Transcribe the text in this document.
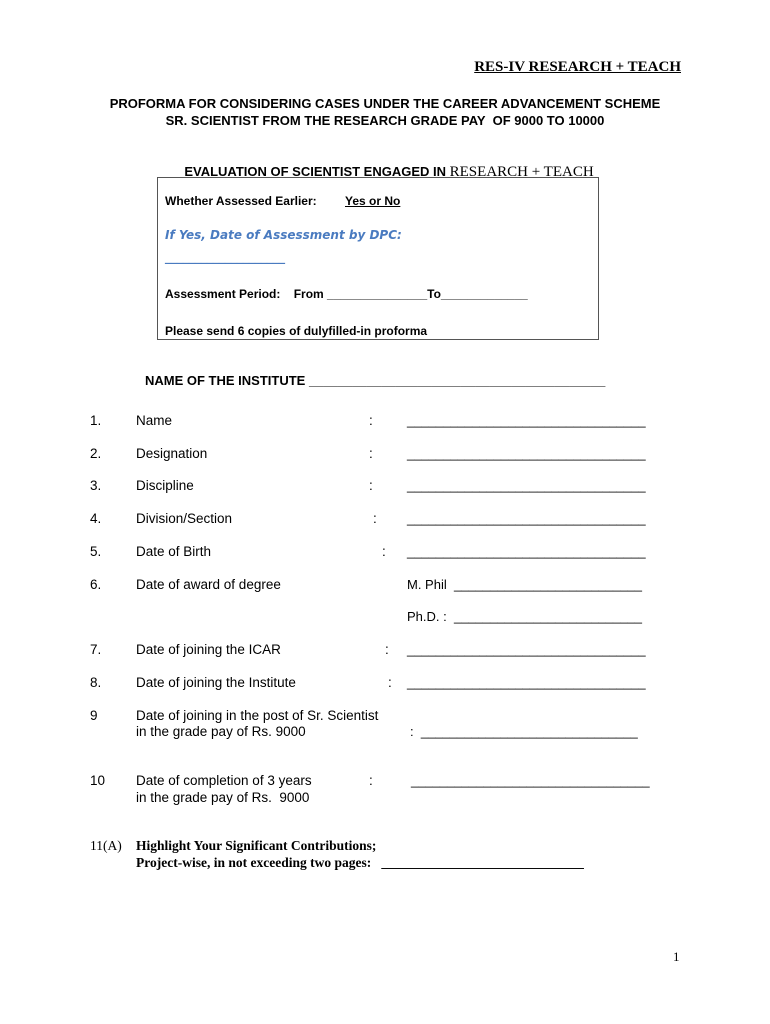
RES-IV RESEARCH + TEACH
PROFORMA FOR CONSIDERING CASES UNDER THE CAREER ADVANCEMENT SCHEME
SR. SCIENTIST FROM THE RESEARCH GRADE PAY  OF 9000 TO 10000

EVALUATION OF SCIENTIST ENGAGED IN RESEARCH + TEACH

Whether Assessed Earlier: Yes or No
If Yes, Date of Assessment by DPC:
____________________
Assessment Period:    From _______________To_____________
Please send 6 copies of dulyfilled-in proforma
NAME OF THE INSTITUTE _________________________________________
1.	Name	:	_________________________________
2.	Designation	:	_________________________________
3.	Discipline	:	_________________________________
4.	Division/Section	: _________________________________
5.	Date of Birth	: _________________________________
6.	Date of award of degree	M. Phil  __________________________
Ph.D. :  __________________________
7.	Date of joining the ICAR	: _________________________________
8.	Date of joining the Institute	: _________________________________
9	Date of joining in the post of Sr. Scientist
in the grade pay of Rs. 9000	:  ______________________________
10 Date of completion of 3 years
in the grade pay of Rs.  9000
:	_________________________________
11(A) Highlight Your Significant Contributions;
Project-wise, in not exceeding two pages:   ______________________________
1
